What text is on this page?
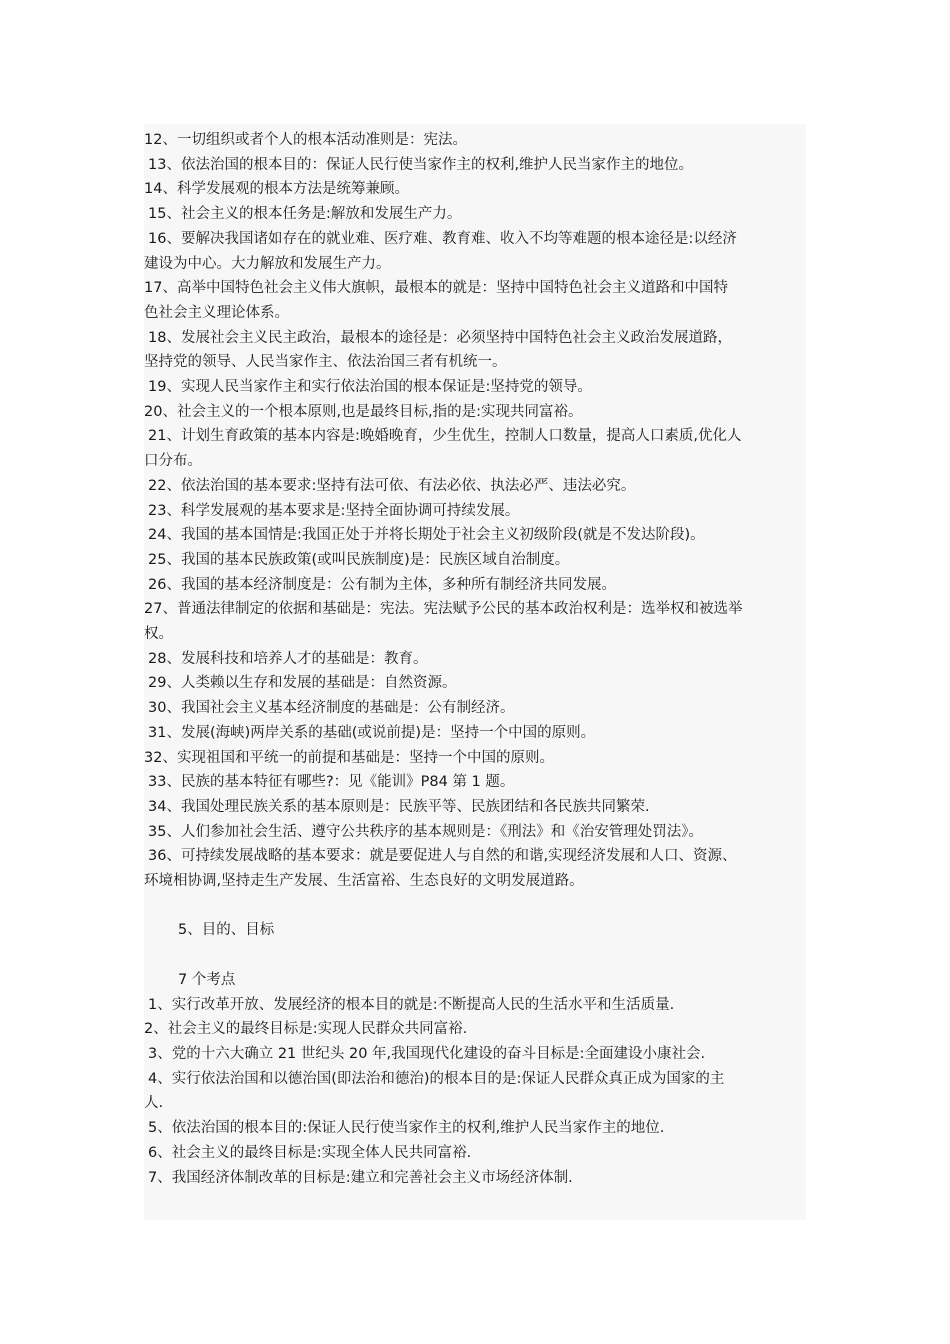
12、一切组织或者个人的根本活动准则是：宪法。

13、依法治国的根本目的：保证人民行使当家作主的权利,维护人民当家作主的地位。

14、科学发展观的根本方法是统筹兼顾。

15、社会主义的根本任务是:解放和发展生产力。

16、要解决我国诸如存在的就业难、医疗难、教育难、收入不均等难题的根本途径是:以经济

建设为中心。大力解放和发展生产力。

17、高举中国特色社会主义伟大旗帜，最根本的就是：坚持中国特色社会主义道路和中国特

色社会主义理论体系。

18、发展社会主义民主政治，最根本的途径是：必须坚持中国特色社会主义政治发展道路，

坚持党的领导、人民当家作主、依法治国三者有机统一。

19、实现人民当家作主和实行依法治国的根本保证是:坚持党的领导。

20、社会主义的一个根本原则,也是最终目标,指的是:实现共同富裕。

21、计划生育政策的基本内容是:晚婚晚育，少生优生，控制人口数量，提高人口素质,优化人

口分布。

22、依法治国的基本要求:坚持有法可依、有法必依、执法必严、违法必究。

23、科学发展观的基本要求是:坚持全面协调可持续发展。

24、我国的基本国情是:我国正处于并将长期处于社会主义初级阶段(就是不发达阶段)。

25、我国的基本民族政策(或叫民族制度)是：民族区域自治制度。

26、我国的基本经济制度是：公有制为主体，多种所有制经济共同发展。

27、普通法律制定的依据和基础是：宪法。宪法赋予公民的基本政治权利是：选举权和被选举

权。

28、发展科技和培养人才的基础是：教育。

29、人类赖以生存和发展的基础是：自然资源。

30、我国社会主义基本经济制度的基础是：公有制经济。

31、发展(海峡)两岸关系的基础(或说前提)是：坚持一个中国的原则。

32、实现祖国和平统一的前提和基础是：坚持一个中国的原则。

33、民族的基本特征有哪些?：见《能训》P84 第 1 题。

34、我国处理民族关系的基本原则是：民族平等、民族团结和各民族共同繁荣.

35、人们参加社会生活、遵守公共秩序的基本规则是：《刑法》和《治安管理处罚法》。

36、可持续发展战略的基本要求：就是要促进人与自然的和谐,实现经济发展和人口、资源、

环境相协调,坚持走生产发展、生活富裕、生态良好的文明发展道路。

5、目的、目标

7 个考点

1、实行改革开放、发展经济的根本目的就是:不断提高人民的生活水平和生活质量.

2、社会主义的最终目标是:实现人民群众共同富裕.

3、党的十六大确立 21 世纪头 20 年,我国现代化建设的奋斗目标是:全面建设小康社会.

4、实行依法治国和以德治国(即法治和德治)的根本目的是:保证人民群众真正成为国家的主

人.

5、依法治国的根本目的:保证人民行使当家作主的权利,维护人民当家作主的地位.

6、社会主义的最终目标是:实现全体人民共同富裕.

7、我国经济体制改革的目标是:建立和完善社会主义市场经济体制.
